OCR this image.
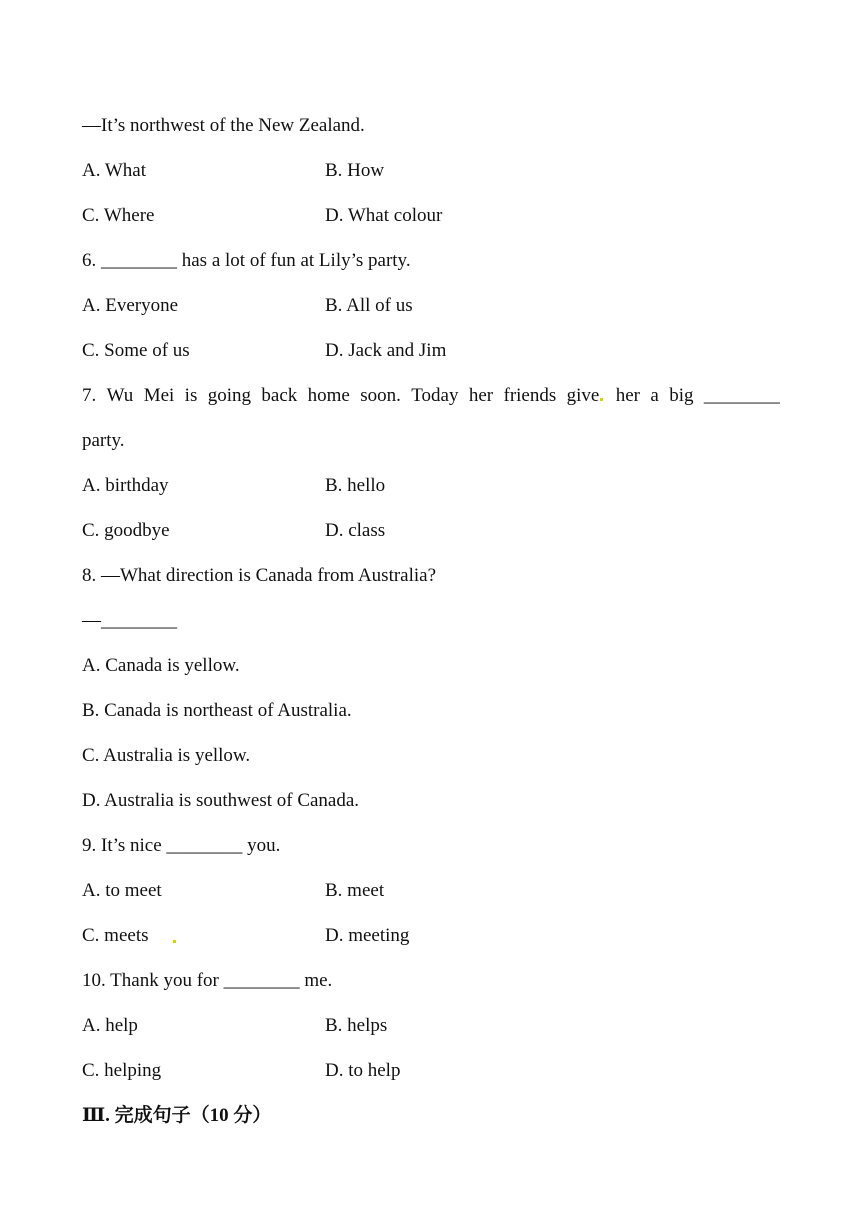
—It’s northwest of the New Zealand.
A. What	B. How
C. Where	D. What colour
6. ________ has a lot of fun at Lily’s party.
A. Everyone	B. All of us
C. Some of us	D. Jack and Jim
7. Wu Mei is going back home soon. Today her friends give her a big ________
party.
A. birthday	B. hello
C. goodbye	D. class
8. —What direction is Canada from Australia?
—________
A. Canada is yellow.
B. Canada is northeast of Australia.
C. Australia is yellow.
D. Australia is southwest of Canada.
9. It’s nice ________ you.
A. to meet	B. meet
C. meets	D. meeting
10. Thank you for ________ me.
A. help	B. helps
C. helping	D. to help
Ⅲ. 完成句子（10 分）
